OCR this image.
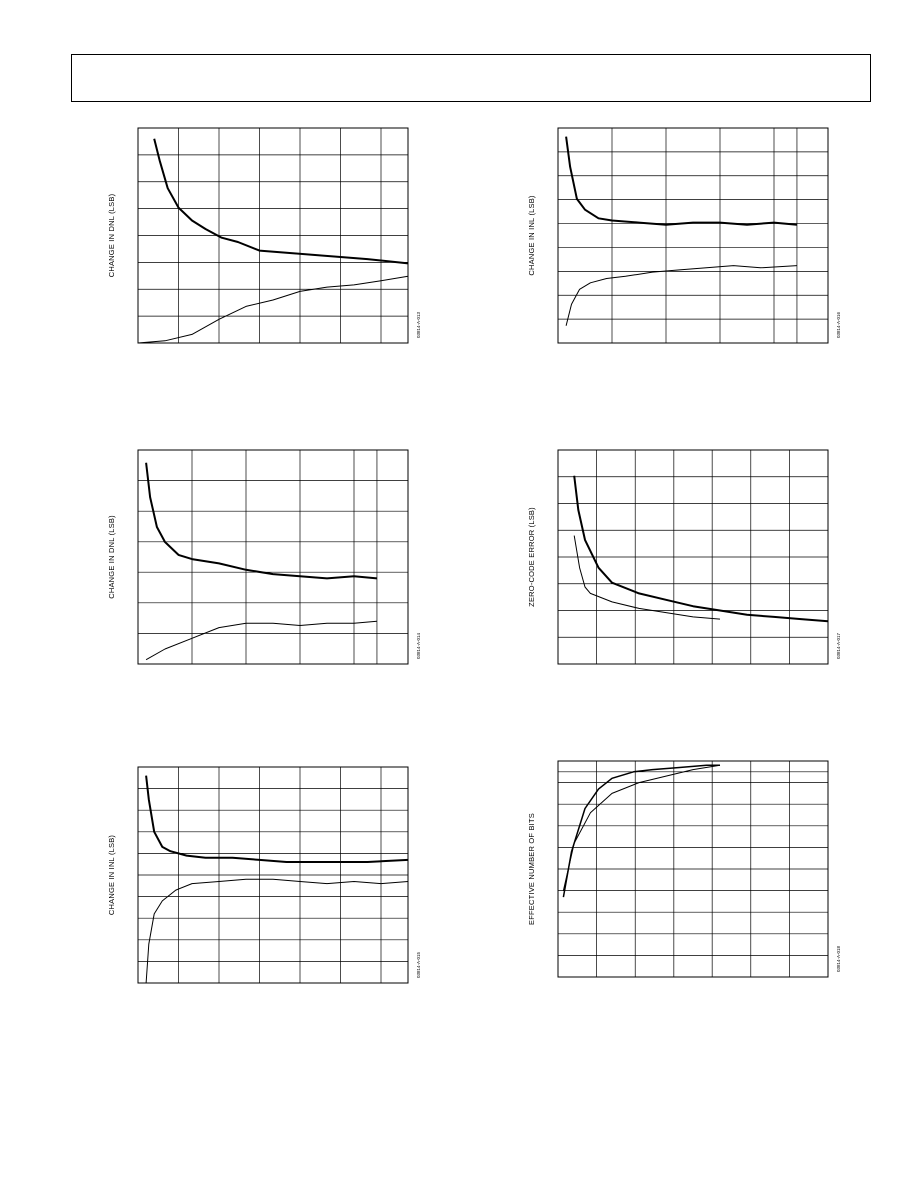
CHANGE IN DNL (LSB)
03814-A-013
CHANGE IN INL (LSB)
03814-A-016
CHANGE IN DNL (LSB)
03814-A-014
ZERO-CODE ERROR (LSB)
03814-A-017
CHANGE IN INL (LSB)
03814-A-015
EFFECTIVE NUMBER OF BITS
03814-A-018
